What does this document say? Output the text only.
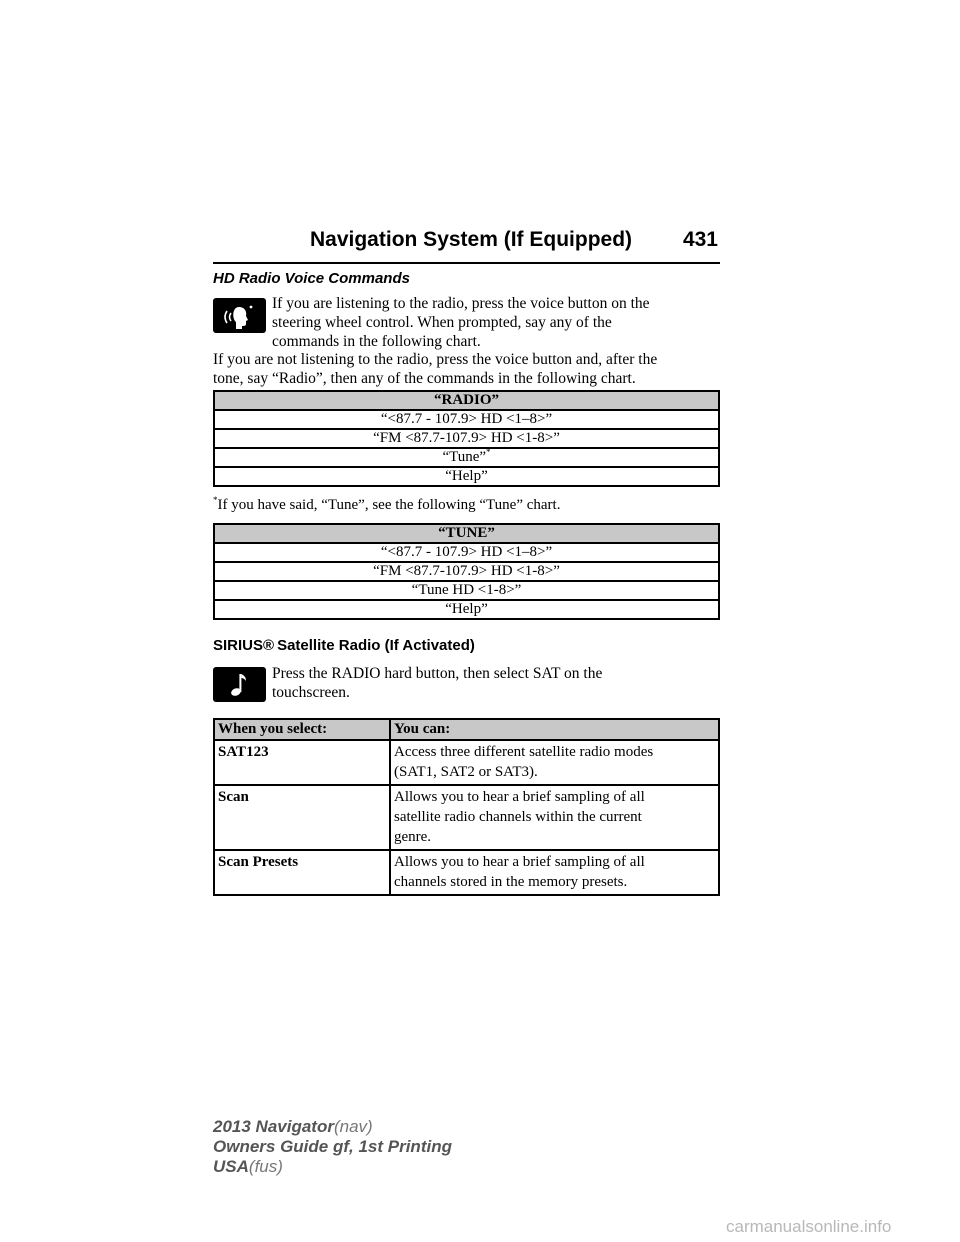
Navigation System (If Equipped) 431
HD Radio Voice Commands
If you are listening to the radio, press the voice button on the
steering wheel control. When prompted, say any of the
commands in the following chart.
If you are not listening to the radio, press the voice button and, after the
tone, say “Radio”, then any of the commands in the following chart.
“RADIO”
“<87.7 - 107.9> HD <1–8>”
“FM <87.7-107.9> HD <1-8>”
“Tune”*
“Help”
*If you have said, “Tune”, see the following “Tune” chart.
“TUNE”
“<87.7 - 107.9> HD <1–8>”
“FM <87.7-107.9> HD <1-8>”
“Tune HD <1-8>”
“Help”
SIRIUS® Satellite Radio (If Activated)
Press the RADIO hard button, then select SAT on the
touchscreen.
When you select:	You can:
SAT123	Access three different satellite radio modes
(SAT1, SAT2 or SAT3).

Scan	Allows you to hear a brief sampling of all
satellite radio channels within the current
genre.

Scan Presets	Allows you to hear a brief sampling of all
channels stored in the memory presets.
2013 Navigator(nav)
Owners Guide gf, 1st Printing
USA(fus)
carmanualsonline.info
